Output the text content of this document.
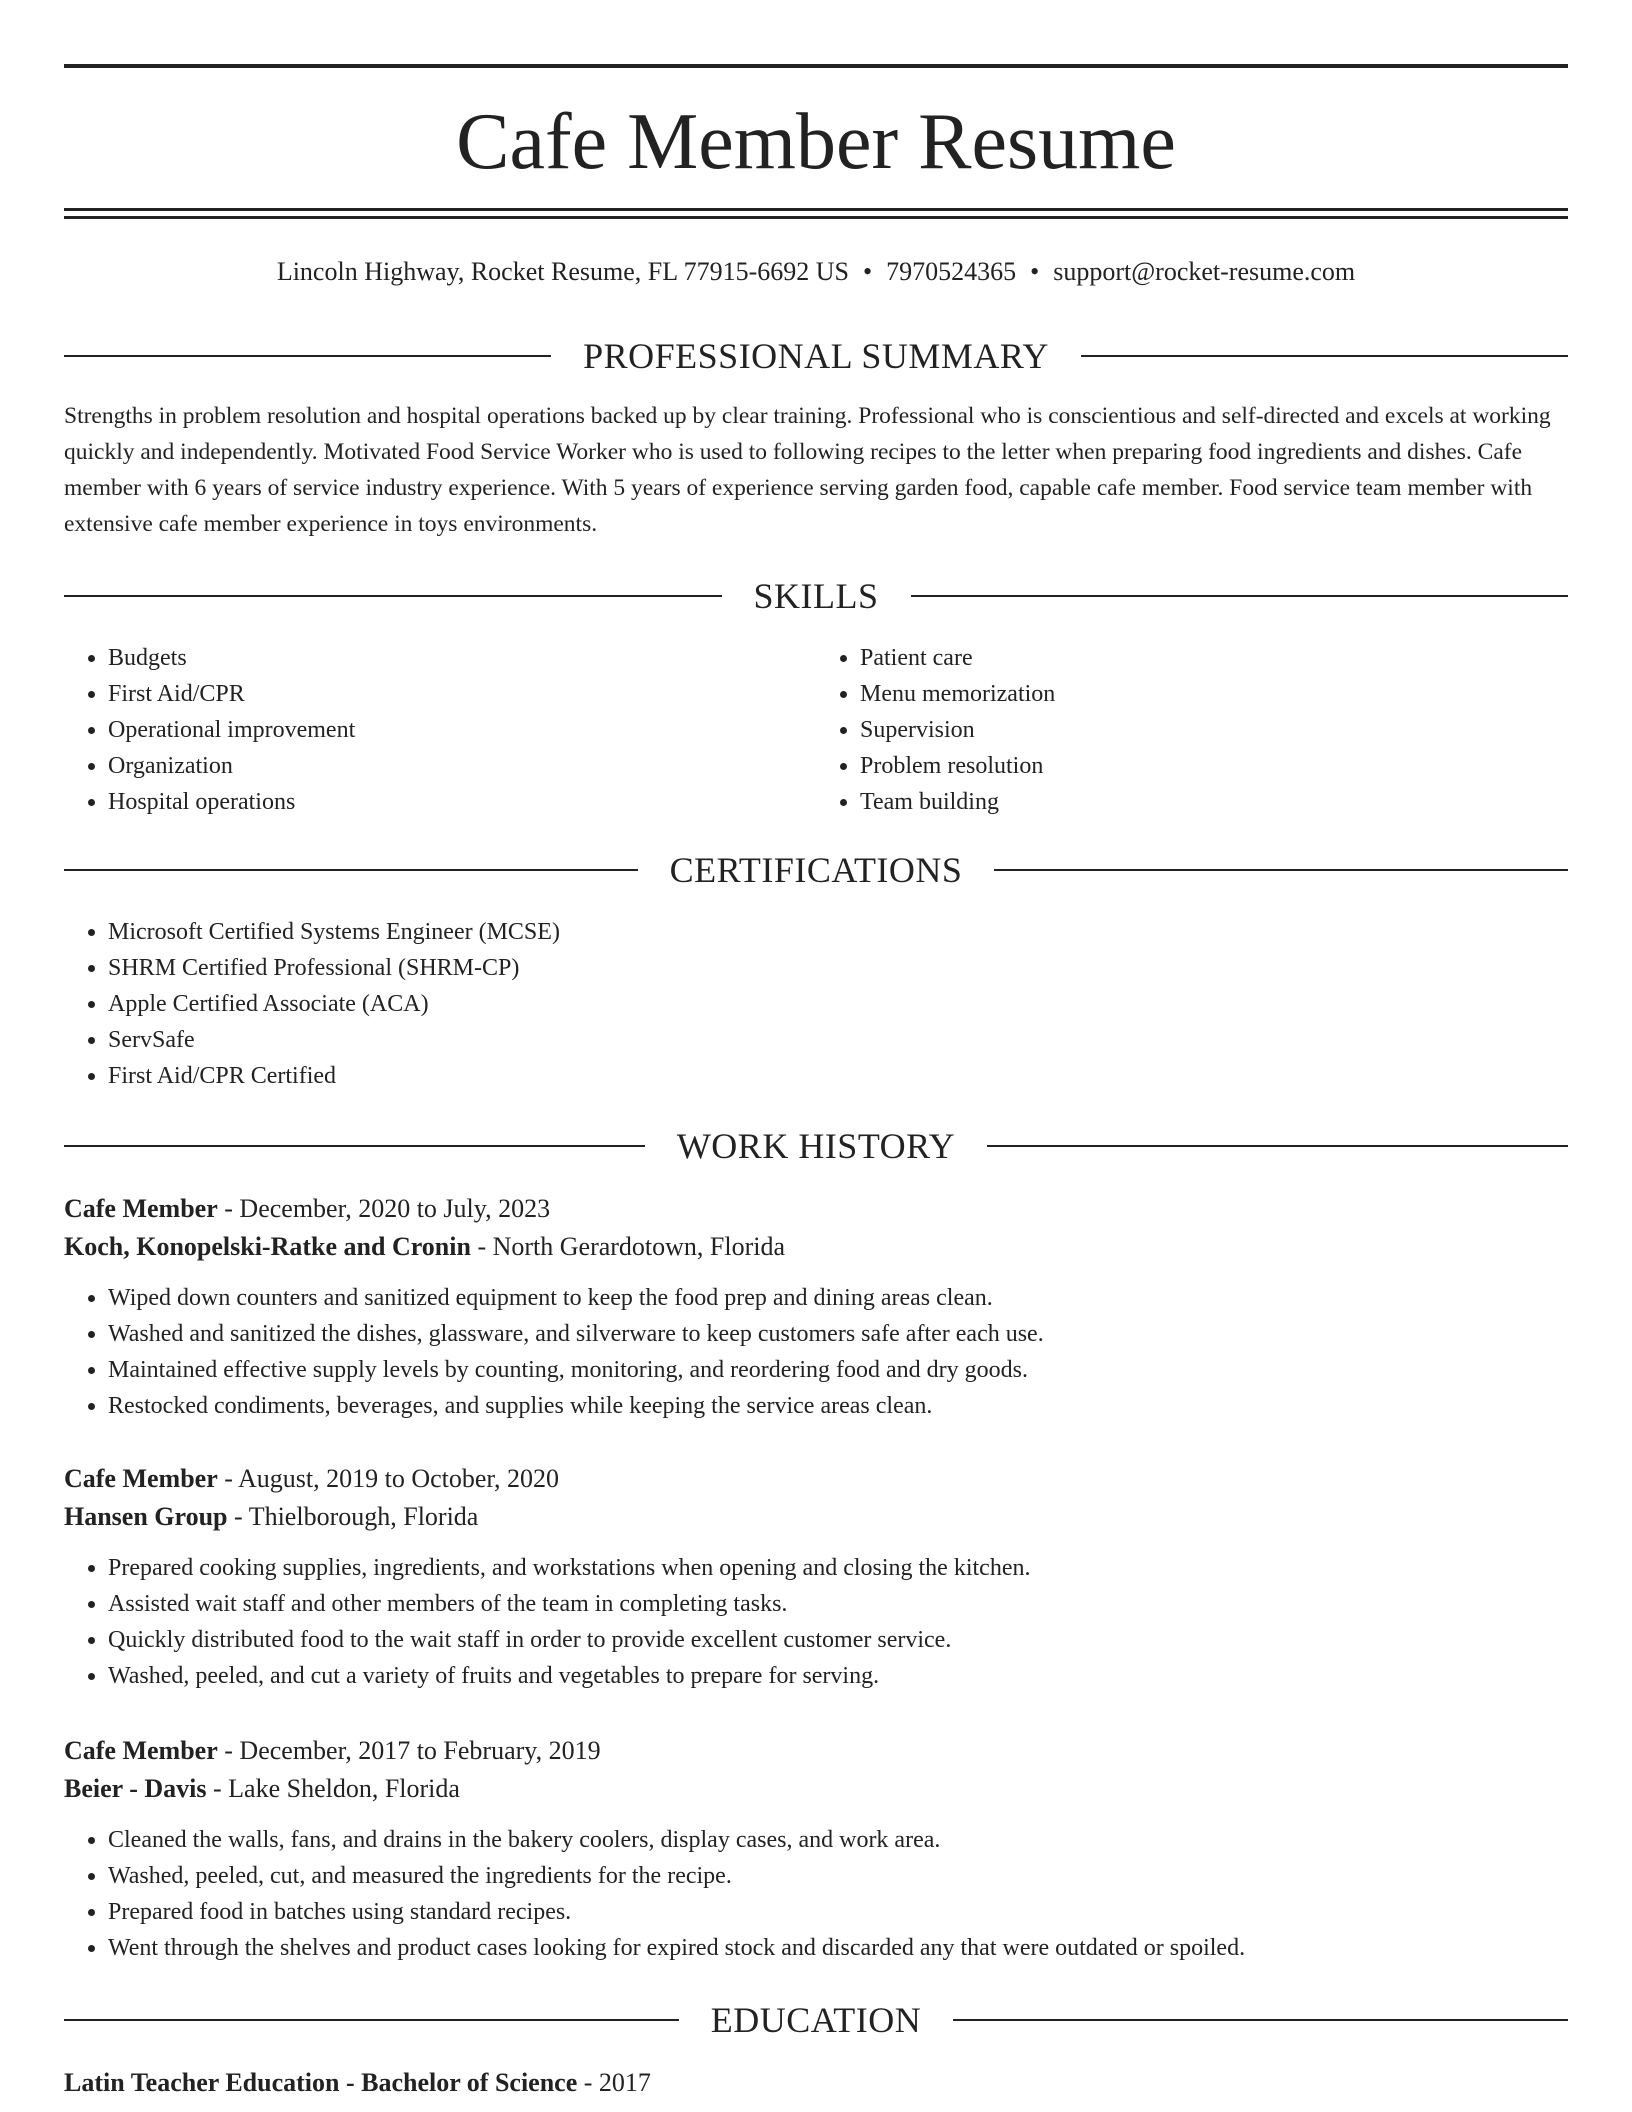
Cafe Member Resume
Lincoln Highway, Rocket Resume, FL 77915-6692 US • 7970524365 • support@rocket-resume.com
PROFESSIONAL SUMMARY

Strengths in problem resolution and hospital operations backed up by clear training. Professional who is conscientious and self-directed and excels at working quickly and independently. Motivated Food Service Worker who is used to following recipes to the letter when preparing food ingredients and dishes. Cafe member with 6 years of service industry experience. With 5 years of experience serving garden food, capable cafe member. Food service team member with extensive cafe member experience in toys environments.

SKILLS
• Budgets
• First Aid/CPR
• Operational improvement
• Organization
• Hospital operations
• Patient care
• Menu memorization
• Supervision
• Problem resolution
• Team building
CERTIFICATIONS
• Microsoft Certified Systems Engineer (MCSE)
• SHRM Certified Professional (SHRM-CP)
• Apple Certified Associate (ACA)
• ServSafe
• First Aid/CPR Certified
WORK HISTORY
Cafe Member - December, 2020 to July, 2023
Koch, Konopelski-Ratke and Cronin - North Gerardotown, Florida
• Wiped down counters and sanitized equipment to keep the food prep and dining areas clean.
• Washed and sanitized the dishes, glassware, and silverware to keep customers safe after each use.
• Maintained effective supply levels by counting, monitoring, and reordering food and dry goods.
• Restocked condiments, beverages, and supplies while keeping the service areas clean.
Cafe Member - August, 2019 to October, 2020
Hansen Group - Thielborough, Florida
• Prepared cooking supplies, ingredients, and workstations when opening and closing the kitchen.
• Assisted wait staff and other members of the team in completing tasks.
• Quickly distributed food to the wait staff in order to provide excellent customer service.
• Washed, peeled, and cut a variety of fruits and vegetables to prepare for serving.
Cafe Member - December, 2017 to February, 2019
Beier - Davis - Lake Sheldon, Florida
• Cleaned the walls, fans, and drains in the bakery coolers, display cases, and work area.
• Washed, peeled, cut, and measured the ingredients for the recipe.
• Prepared food in batches using standard recipes.
• Went through the shelves and product cases looking for expired stock and discarded any that were outdated or spoiled.
EDUCATION
Latin Teacher Education - Bachelor of Science - 2017
